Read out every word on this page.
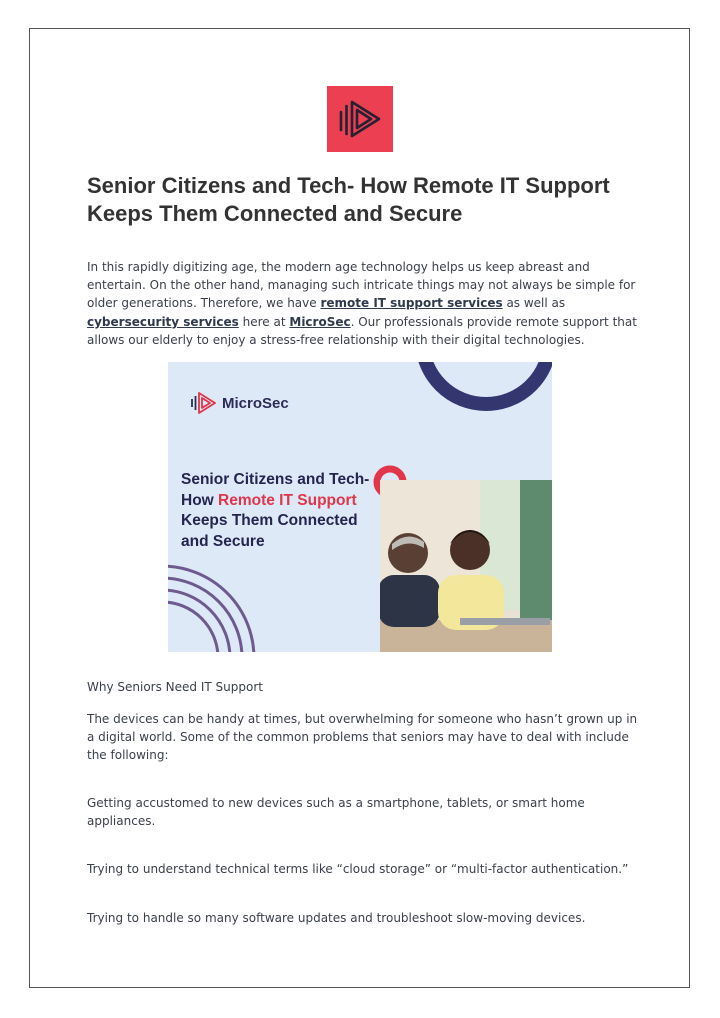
Senior Citizens and Tech- How Remote IT Support Keeps Them Connected and Secure

In this rapidly digitizing age, the modern age technology helps us keep abreast and entertain. On the other hand, managing such intricate things may not always be simple for older generations. Therefore, we have remote IT support services as well as cybersecurity services here at MicroSec. Our professionals provide remote support that allows our elderly to enjoy a stress-free relationship with their digital technologies.

MicroSec
Senior Citizens and Tech- How Remote IT Support Keeps Them Connected and Secure

Why Seniors Need IT Support

The devices can be handy at times, but overwhelming for someone who hasn’t grown up in a digital world. Some of the common problems that seniors may have to deal with include the following:

Getting accustomed to new devices such as a smartphone, tablets, or smart home appliances.

Trying to understand technical terms like “cloud storage” or “multi-factor authentication.”

Trying to handle so many software updates and troubleshoot slow-moving devices.
